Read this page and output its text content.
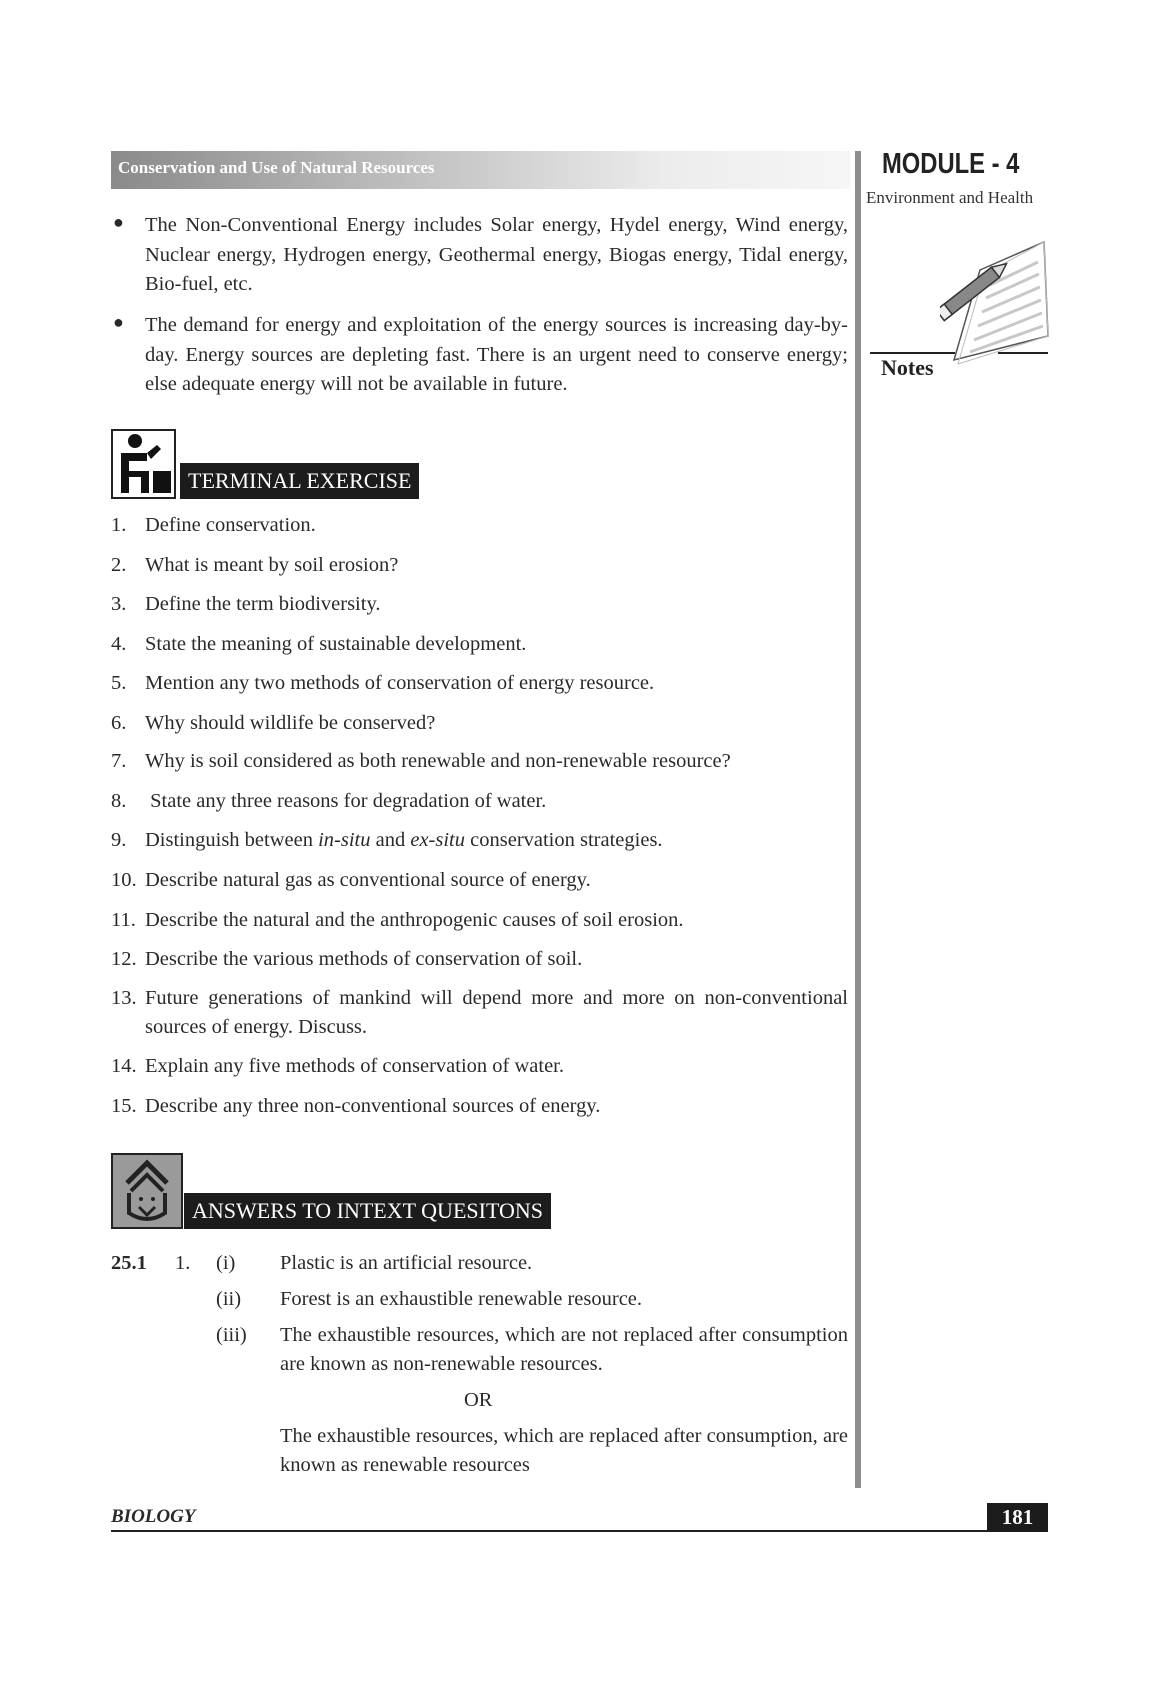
Conservation and Use of Natural Resources	MODULE - 4
Environment and Health
Notes
● The Non-Conventional Energy includes Solar energy, Hydel energy, Wind energy, Nuclear energy, Hydrogen energy, Geothermal energy, Biogas energy, Tidal energy, Bio-fuel, etc.
● The demand for energy and exploitation of the energy sources is increasing day-by-day. Energy sources are depleting fast. There is an urgent need to conserve energy; else adequate energy will not be available in future.
TERMINAL EXERCISE
1. Define conservation.
2. What is meant by soil erosion?
3. Define the term biodiversity.
4. State the meaning of sustainable development.
5. Mention any two methods of conservation of energy resource.
6. Why should wildlife be conserved?
7. Why is soil considered as both renewable and non-renewable resource?
8. State any three reasons for degradation of water.
9. Distinguish between in-situ and ex-situ conservation strategies.
10. Describe natural gas as conventional source of energy.
11. Describe the natural and the anthropogenic causes of soil erosion.
12. Describe the various methods of conservation of soil.
13. Future generations of mankind will depend more and more on non-conventional sources of energy. Discuss.
14. Explain any five methods of conservation of water.
15. Describe any three non-conventional sources of energy.
ANSWERS TO INTEXT QUESITONS
25.1 1. (i) Plastic is an artificial resource.
(ii) Forest is an exhaustible renewable resource.
(iii) The exhaustible resources, which are not replaced after consumption are known as non-renewable resources.
OR
The exhaustible resources, which are replaced after consumption, are known as renewable resources
BIOLOGY	181
